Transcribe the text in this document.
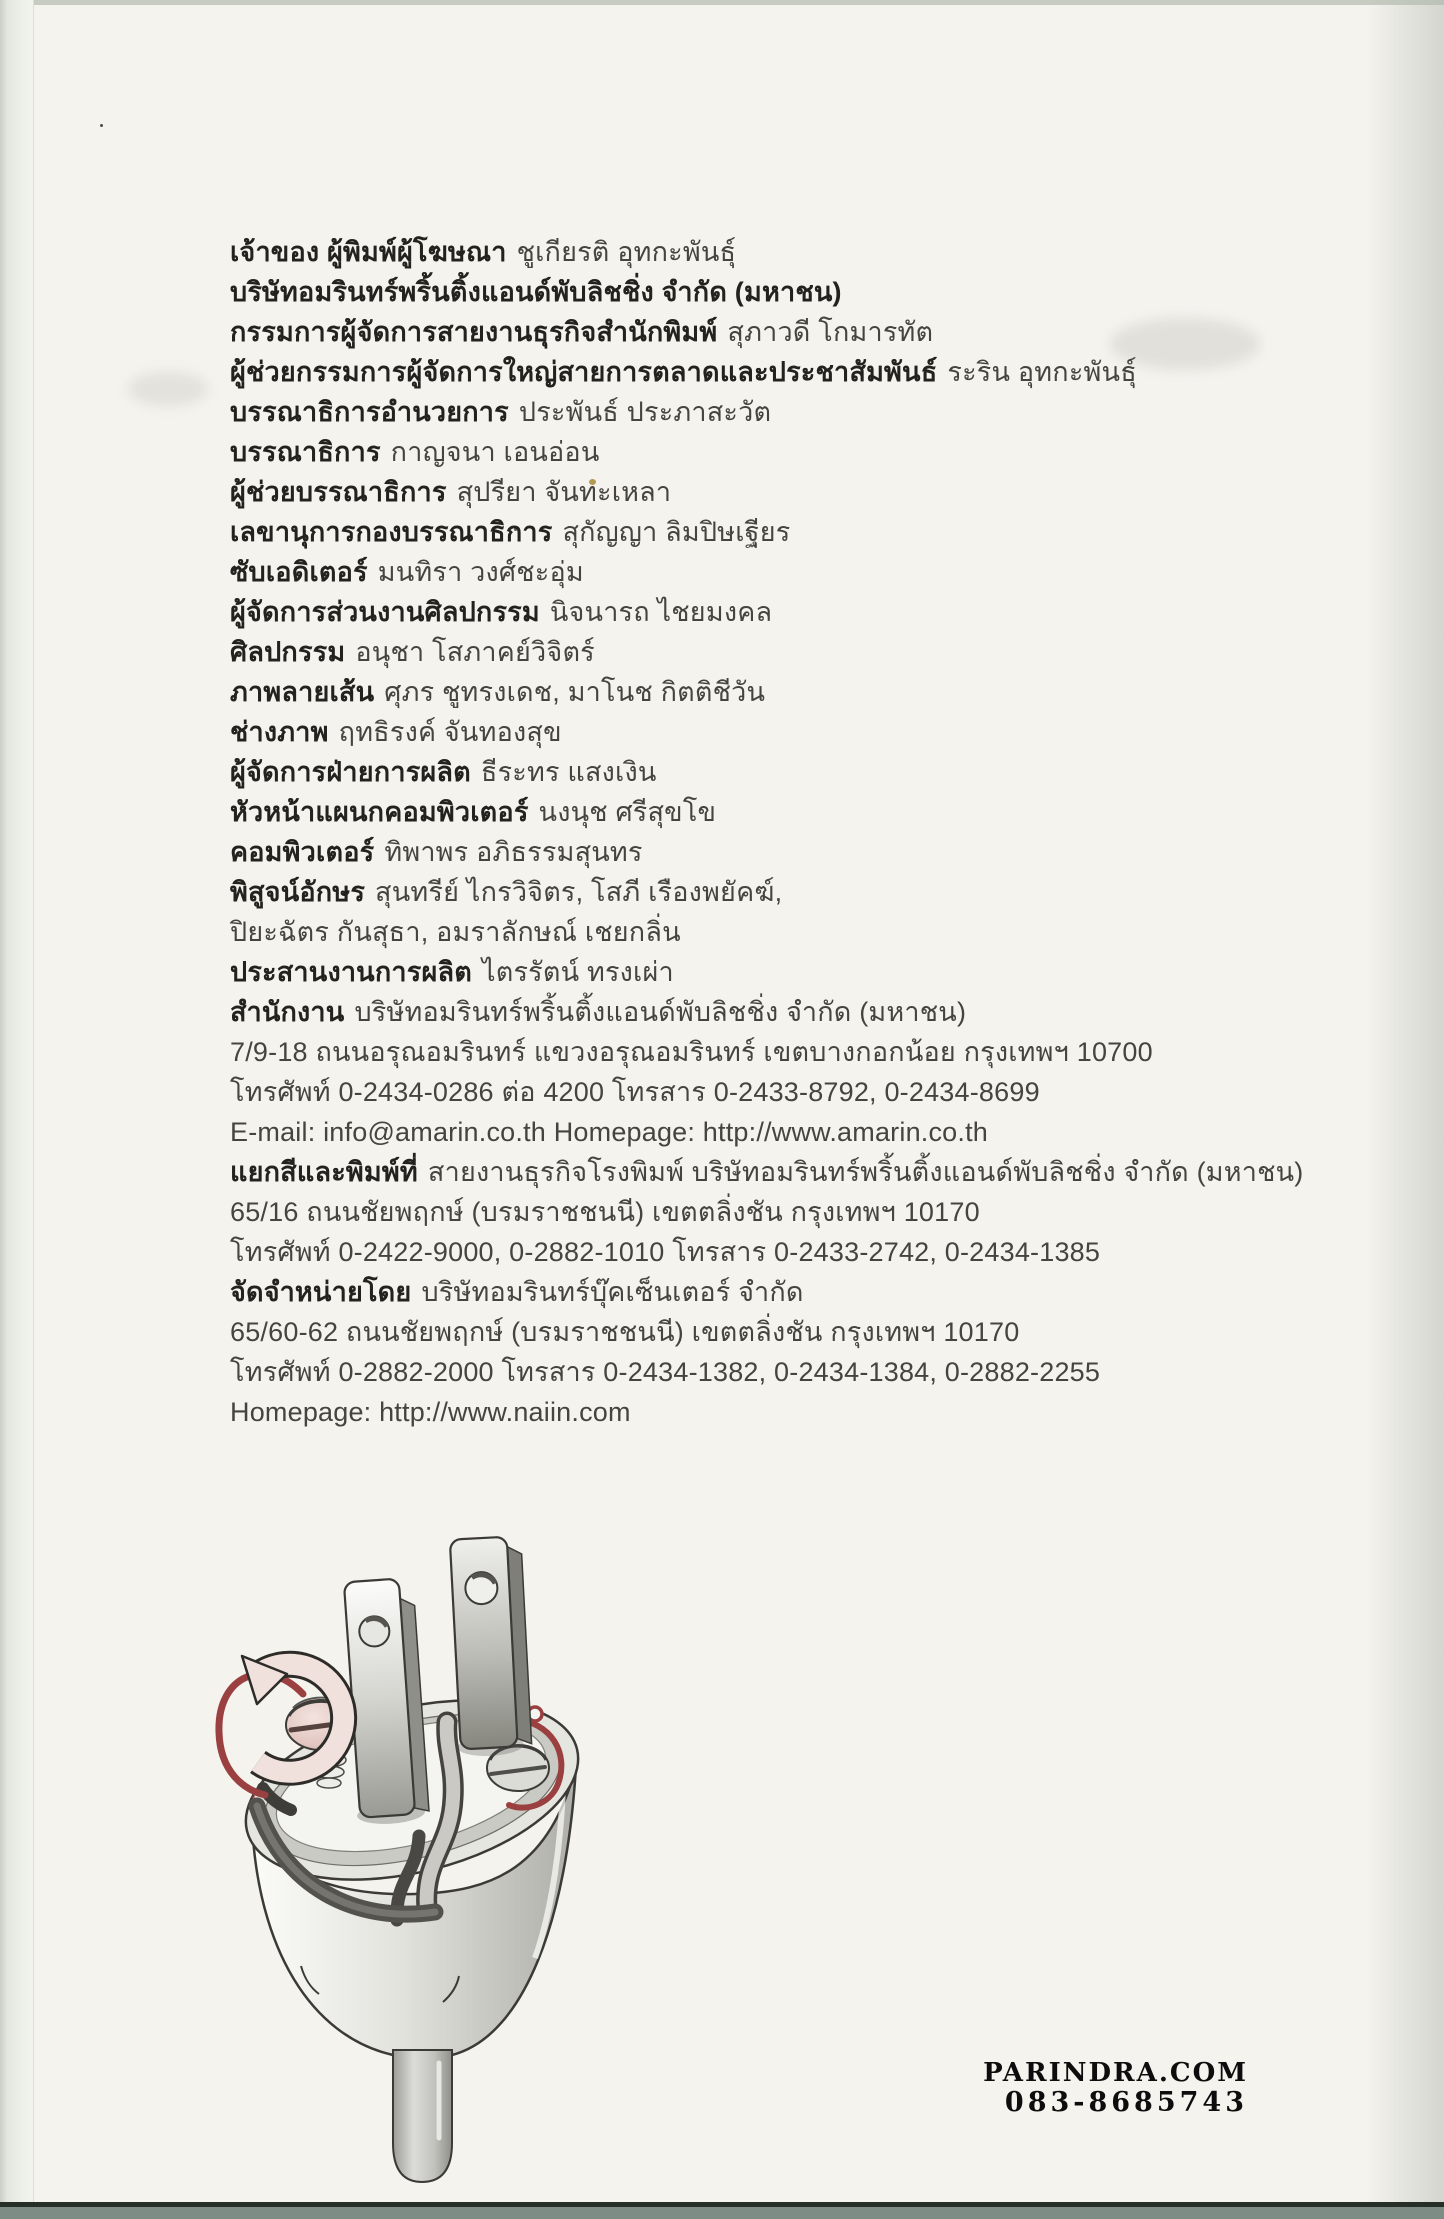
เจ้าของ ผู้พิมพ์ผู้โฆษณา ชูเกียรติ อุทกะพันธุ์
บริษัทอมรินทร์พริ้นติ้งแอนด์พับลิชชิ่ง จำกัด (มหาชน)
กรรมการผู้จัดการสายงานธุรกิจสำนักพิมพ์ สุภาวดี โกมารทัต
ผู้ช่วยกรรมการผู้จัดการใหญ่สายการตลาดและประชาสัมพันธ์ ระริน อุทกะพันธุ์
บรรณาธิการอำนวยการ ประพันธ์ ประภาสะวัต
บรรณาธิการ กาญจนา เอนอ่อน
ผู้ช่วยบรรณาธิการ สุปรียา จันทะเหลา
เลขานุการกองบรรณาธิการ สุกัญญา ลิมปิษเฐียร
ซับเอดิเตอร์ มนทิรา วงศ์ชะอุ่ม
ผู้จัดการส่วนงานศิลปกรรม นิจนารถ ไชยมงคล
ศิลปกรรม อนุชา โสภาคย์วิจิตร์
ภาพลายเส้น ศุภร ชูทรงเดช, มาโนช กิตติชีวัน
ช่างภาพ ฤทธิรงค์ จันทองสุข
ผู้จัดการฝ่ายการผลิต ธีระทร แสงเงิน
หัวหน้าแผนกคอมพิวเตอร์ นงนุช ศรีสุขโข
คอมพิวเตอร์ ทิพาพร อภิธรรมสุนทร
พิสูจน์อักษร สุนทรีย์ ไกรวิจิตร, โสภี เรืองพยัคฆ์,
ปิยะฉัตร กันสุธา, อมราลักษณ์ เชยกลิ่น
ประสานงานการผลิต ไตรรัตน์ ทรงเผ่า
สำนักงาน บริษัทอมรินทร์พริ้นติ้งแอนด์พับลิชชิ่ง จำกัด (มหาชน)
7/9-18 ถนนอรุณอมรินทร์ แขวงอรุณอมรินทร์ เขตบางกอกน้อย กรุงเทพฯ 10700
โทรศัพท์ 0-2434-0286 ต่อ 4200 โทรสาร 0-2433-8792, 0-2434-8699
E-mail: info@amarin.co.th Homepage: http://www.amarin.co.th
แยกสีและพิมพ์ที่ สายงานธุรกิจโรงพิมพ์ บริษัทอมรินทร์พริ้นติ้งแอนด์พับลิชชิ่ง จำกัด (มหาชน)
65/16 ถนนชัยพฤกษ์ (บรมราชชนนี) เขตตลิ่งชัน กรุงเทพฯ 10170
โทรศัพท์ 0-2422-9000, 0-2882-1010 โทรสาร 0-2433-2742, 0-2434-1385
จัดจำหน่ายโดย บริษัทอมรินทร์บุ๊คเซ็นเตอร์ จำกัด
65/60-62 ถนนชัยพฤกษ์ (บรมราชชนนี) เขตตลิ่งชัน กรุงเทพฯ 10170
โทรศัพท์ 0-2882-2000 โทรสาร 0-2434-1382, 0-2434-1384, 0-2882-2255
Homepage: http://www.naiin.com
PARINDRA.COM
083-8685743
